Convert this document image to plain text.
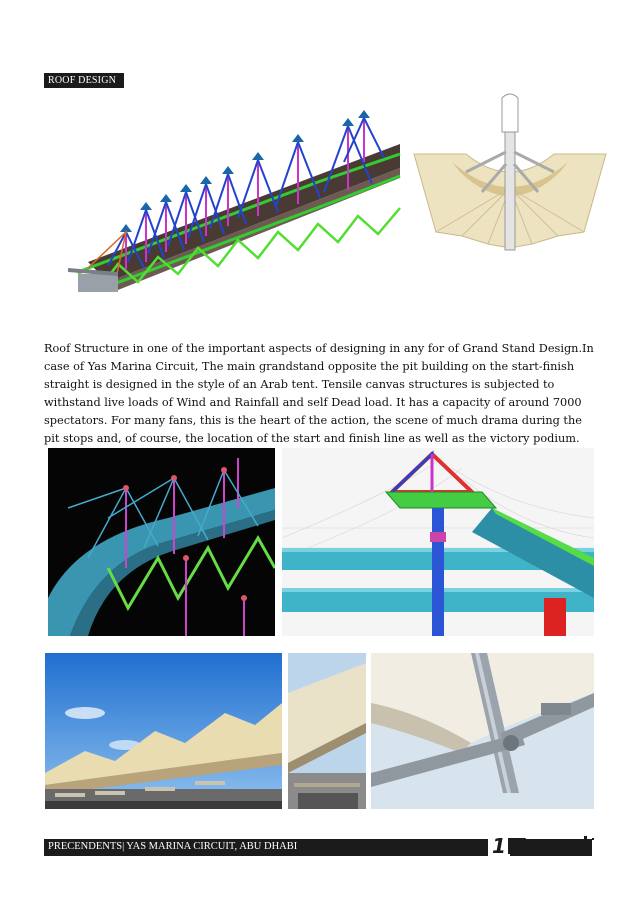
ROOF DESIGN
Roof Structure in one of the important aspects of designing in any for of Grand Stand Design.In case of Yas Marina Circuit, The main grandstand opposite the pit building on the start-finish straight is designed in the style of an Arab tent. Tensile canvas structures is subjected to withstand live loads of Wind and Rainfall and self Dead load. It has a capacity of around 7000 spectators. For many fans, this is the heart of the action, the scene of much drama during the pit stops and, of course, the location of the start and finish line as well as the victory podium.
PRECENDENTS| YAS MARINA CIRCUIT, ABU DHABI	1
